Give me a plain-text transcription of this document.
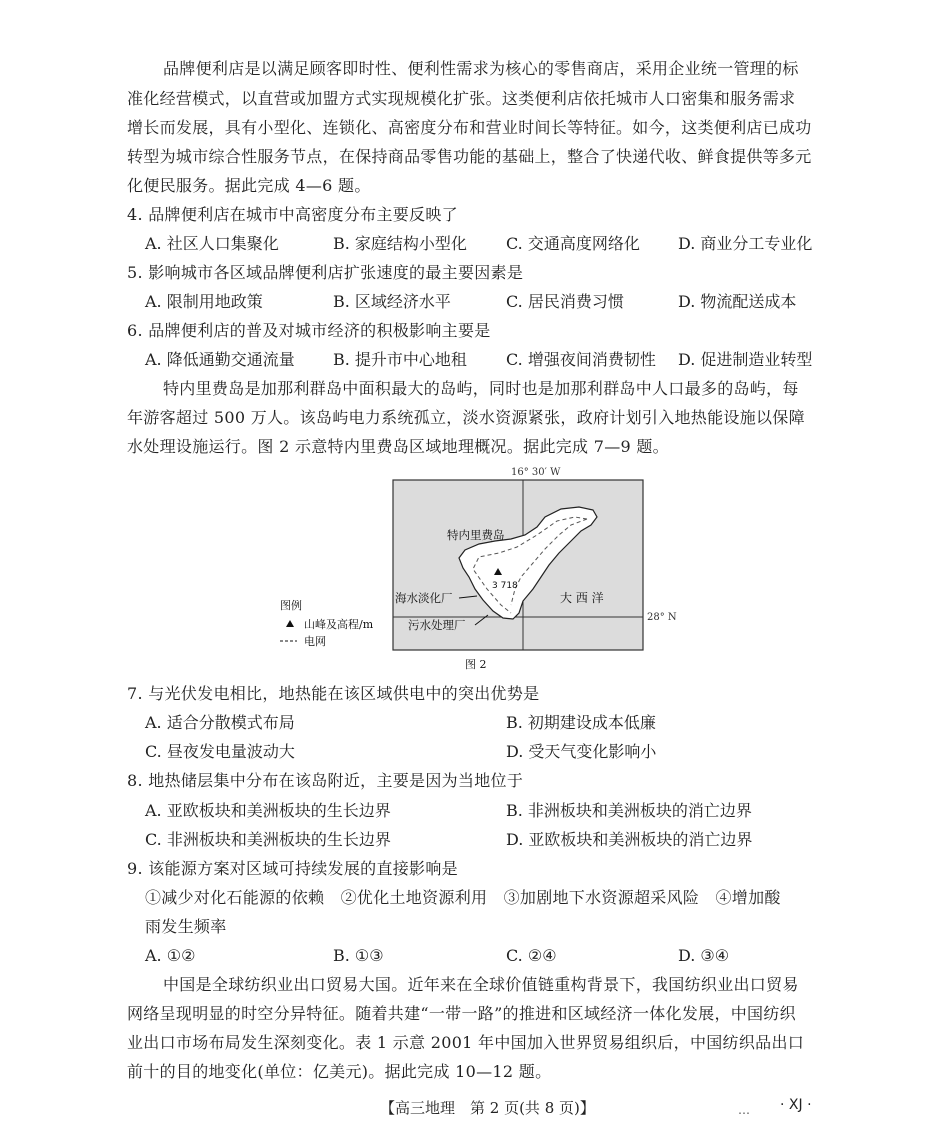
品牌便利店是以满足顾客即时性、便利性需求为核心的零售商店，采用企业统一管理的标
准化经营模式，以直营或加盟方式实现规模化扩张。这类便利店依托城市人口密集和服务需求
增长而发展，具有小型化、连锁化、高密度分布和营业时间长等特征。如今，这类便利店已成功
转型为城市综合性服务节点，在保持商品零售功能的基础上，整合了快递代收、鲜食提供等多元
化便民服务。据此完成 4—6 题。
4. 品牌便利店在城市中高密度分布主要反映了
A. 社区人口集聚化	B. 家庭结构小型化 C. 交通高度网络化 D. 商业分工专业化
5. 影响城市各区域品牌便利店扩张速度的最主要因素是
A. 限制用地政策	B. 区域经济水平	C. 居民消费习惯	D. 物流配送成本
6. 品牌便利店的普及对城市经济的积极影响主要是
A. 降低通勤交通流量 B. 提升市中心地租 C. 增强夜间消费韧性 D. 促进制造业转型
特内里费岛是加那利群岛中面积最大的岛屿，同时也是加那利群岛中人口最多的岛屿，每
年游客超过 500 万人。该岛屿电力系统孤立，淡水资源紧张，政府计划引入地热能设施以保障
水处理设施运行。图 2 示意特内里费岛区域地理概况。据此完成 7—9 题。
16° 30′ W
28° N
3 718
特内里费岛
大 西 洋
海水淡化厂
污水处理厂
图例
山峰及高程/m
电网
图 2
7. 与光伏发电相比，地热能在该区域供电中的突出优势是
A. 适合分散模式布局	B. 初期建设成本低廉
C. 昼夜发电量波动大	D. 受天气变化影响小
8. 地热储层集中分布在该岛附近，主要是因为当地位于
A. 亚欧板块和美洲板块的生长边界	B. 非洲板块和美洲板块的消亡边界
C. 非洲板块和美洲板块的生长边界	D. 亚欧板块和美洲板块的消亡边界
9. 该能源方案对区域可持续发展的直接影响是
①减少对化石能源的依赖　②优化土地资源利用　③加剧地下水资源超采风险　④增加酸
雨发生频率
A. ①②	B. ①③	C. ②④	D. ③④
中国是全球纺织业出口贸易大国。近年来在全球价值链重构背景下，我国纺织业出口贸易
网络呈现明显的时空分异特征。随着共建“一带一路”的推进和区域经济一体化发展，中国纺织
业出口市场布局发生深刻变化。表 1 示意 2001 年中国加入世界贸易组织后，中国纺织品出口
前十的目的地变化(单位：亿美元)。据此完成 10—12 题。
【高三地理　第 2 页(共 8 页)】	… · XJ ·
